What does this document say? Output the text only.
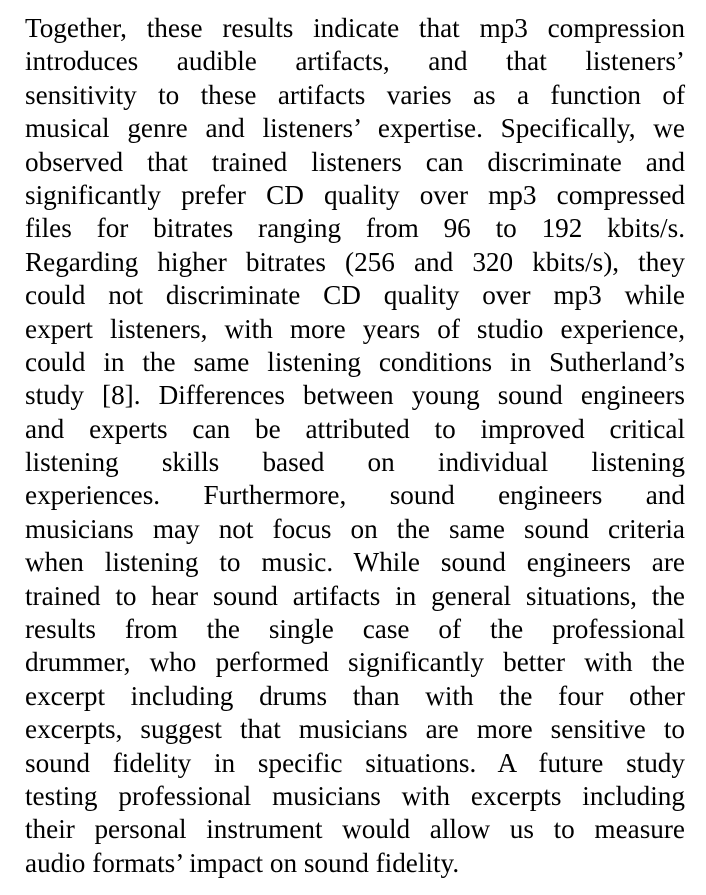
Together, these results indicate that mp3 compression
introduces audible artifacts, and that listeners’
sensitivity to these artifacts varies as a function of
musical genre and listeners’ expertise. Specifically, we
observed that trained listeners can discriminate and
significantly prefer CD quality over mp3 compressed
files for bitrates ranging from 96 to 192 kbits/s.
Regarding higher bitrates (256 and 320 kbits/s), they
could not discriminate CD quality over mp3 while
expert listeners, with more years of studio experience,
could in the same listening conditions in Sutherland’s
study [8]. Differences between young sound engineers
and experts can be attributed to improved critical
listening skills based on individual listening
experiences. Furthermore, sound engineers and
musicians may not focus on the same sound criteria
when listening to music. While sound engineers are
trained to hear sound artifacts in general situations, the
results from the single case of the professional
drummer, who performed significantly better with the
excerpt including drums than with the four other
excerpts, suggest that musicians are more sensitive to
sound fidelity in specific situations. A future study
testing professional musicians with excerpts including
their personal instrument would allow us to measure
audio formats’ impact on sound fidelity.
